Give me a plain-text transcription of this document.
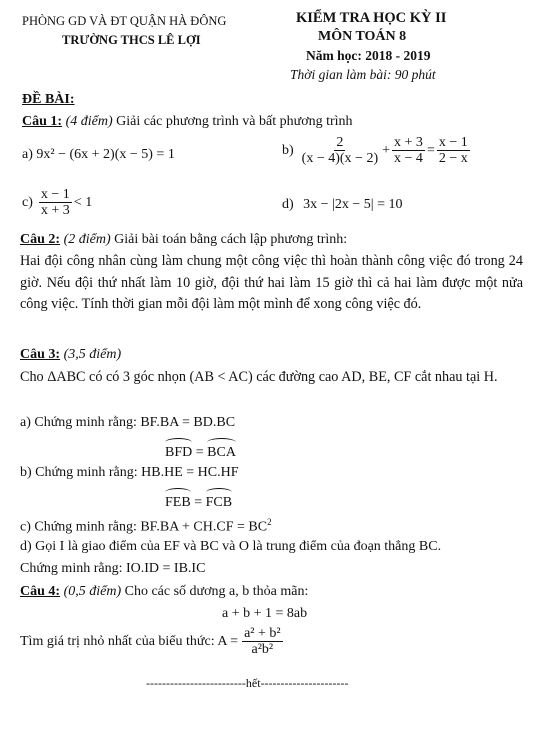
PHÒNG GD VÀ ĐT QUẬN HÀ ĐÔNG
TRƯỜNG THCS LÊ LỢI
KIỂM TRA HỌC KỲ II
MÔN TOÁN 8
Năm học: 2018 - 2019
Thời gian làm bài: 90 phút
ĐỀ BÀI:
Câu 1: (4 điểm) Giải các phương trình và bất phương trình
a) 9x² − (6x + 2)(x − 5) = 1	$b) \frac{2}{(x - 4)(x - 2)} + \frac{x + 3}{x - 4} = \frac{x - 1}{2 - x}$
$c) \frac{x - 1}{x + 3} < 1$	d) 3x − |2x − 5| = 10
Câu 2: (2 điểm) Giải bài toán bằng cách lập phương trình:
Hai đội công nhân cùng làm chung một công việc thì hoàn thành công việc đó trong 24 giờ. Nếu đội thứ nhất làm 10 giờ, đội thứ hai làm 15 giờ thì cả hai làm được một nửa công việc. Tính thời gian mỗi đội làm một mình để xong công việc đó.
Câu 3: (3,5 điểm)
Cho ΔABC có có 3 góc nhọn (AB < AC) các đường cao AD, BE, CF cắt nhau tại H.
a) Chứng minh rằng: BF.BA = BD.BC
BFD = BCA
b) Chứng minh rằng: HB.HE = HC.HF
FEB = FCB
c) Chứng minh rằng: $BF.BA + CH.CF = BC^2$
d) Gọi I là giao điểm của EF và BC và O là trung điểm của đoạn thẳng BC.
Chứng minh rằng: IO.ID = IB.IC
Câu 4: (0,5 điểm) Cho các số dương a, b thỏa mãn:
a + b + 1 = 8ab
Tìm giá trị nhỏ nhất của biểu thức: $A = \frac{\text{a² + b²}}{\text{a²b²}}$
-------------------------hết----------------------
